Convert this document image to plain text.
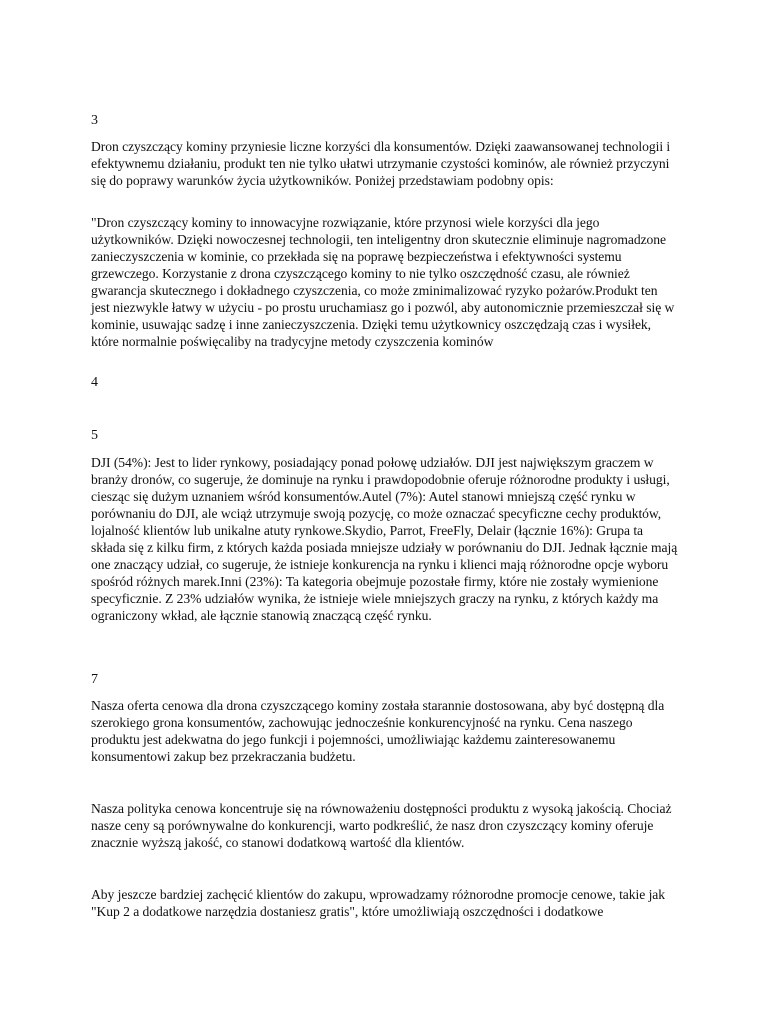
3

Dron czyszczący kominy przyniesie liczne korzyści dla konsumentów. Dzięki zaawansowanej technologii i efektywnemu działaniu, produkt ten nie tylko ułatwi utrzymanie czystości kominów, ale również przyczyni się do poprawy warunków życia użytkowników. Poniżej przedstawiam podobny opis:

"Dron czyszczący kominy to innowacyjne rozwiązanie, które przynosi wiele korzyści dla jego użytkowników. Dzięki nowoczesnej technologii, ten inteligentny dron skutecznie eliminuje nagromadzone zanieczyszczenia w kominie, co przekłada się na poprawę bezpieczeństwa i efektywności systemu grzewczego. Korzystanie z drona czyszczącego kominy to nie tylko oszczędność czasu, ale również gwarancja skutecznego i dokładnego czyszczenia, co może zminimalizować ryzyko pożarów.Produkt ten jest niezwykle łatwy w użyciu - po prostu uruchamiasz go i pozwól, aby autonomicznie przemieszczał się w kominie, usuwając sadzę i inne zanieczyszczenia. Dzięki temu użytkownicy oszczędzają czas i wysiłek, które normalnie poświęcaliby na tradycyjne metody czyszczenia kominów

4

5

DJI (54%): Jest to lider rynkowy, posiadający ponad połowę udziałów. DJI jest największym graczem w branży dronów, co sugeruje, że dominuje na rynku i prawdopodobnie oferuje różnorodne produkty i usługi, ciesząc się dużym uznaniem wśród konsumentów.Autel (7%): Autel stanowi mniejszą część rynku w porównaniu do DJI, ale wciąż utrzymuje swoją pozycję, co może oznaczać specyficzne cechy produktów, lojalność klientów lub unikalne atuty rynkowe.Skydio, Parrot, FreeFly, Delair (łącznie 16%): Grupa ta składa się z kilku firm, z których każda posiada mniejsze udziały w porównaniu do DJI. Jednak łącznie mają one znaczący udział, co sugeruje, że istnieje konkurencja na rynku i klienci mają różnorodne opcje wyboru spośród różnych marek.Inni (23%): Ta kategoria obejmuje pozostałe firmy, które nie zostały wymienione specyficznie. Z 23% udziałów wynika, że istnieje wiele mniejszych graczy na rynku, z których każdy ma ograniczony wkład, ale łącznie stanowią znaczącą część rynku.

7

Nasza oferta cenowa dla drona czyszczącego kominy została starannie dostosowana, aby być dostępną dla szerokiego grona konsumentów, zachowując jednocześnie konkurencyjność na rynku. Cena naszego produktu jest adekwatna do jego funkcji i pojemności, umożliwiając każdemu zainteresowanemu konsumentowi zakup bez przekraczania budżetu.

Nasza polityka cenowa koncentruje się na równoważeniu dostępności produktu z wysoką jakością. Chociaż nasze ceny są porównywalne do konkurencji, warto podkreślić, że nasz dron czyszczący kominy oferuje znacznie wyższą jakość, co stanowi dodatkową wartość dla klientów.

Aby jeszcze bardziej zachęcić klientów do zakupu, wprowadzamy różnorodne promocje cenowe, takie jak "Kup 2 a dodatkowe narzędzia dostaniesz gratis", które umożliwiają oszczędności i dodatkowe
